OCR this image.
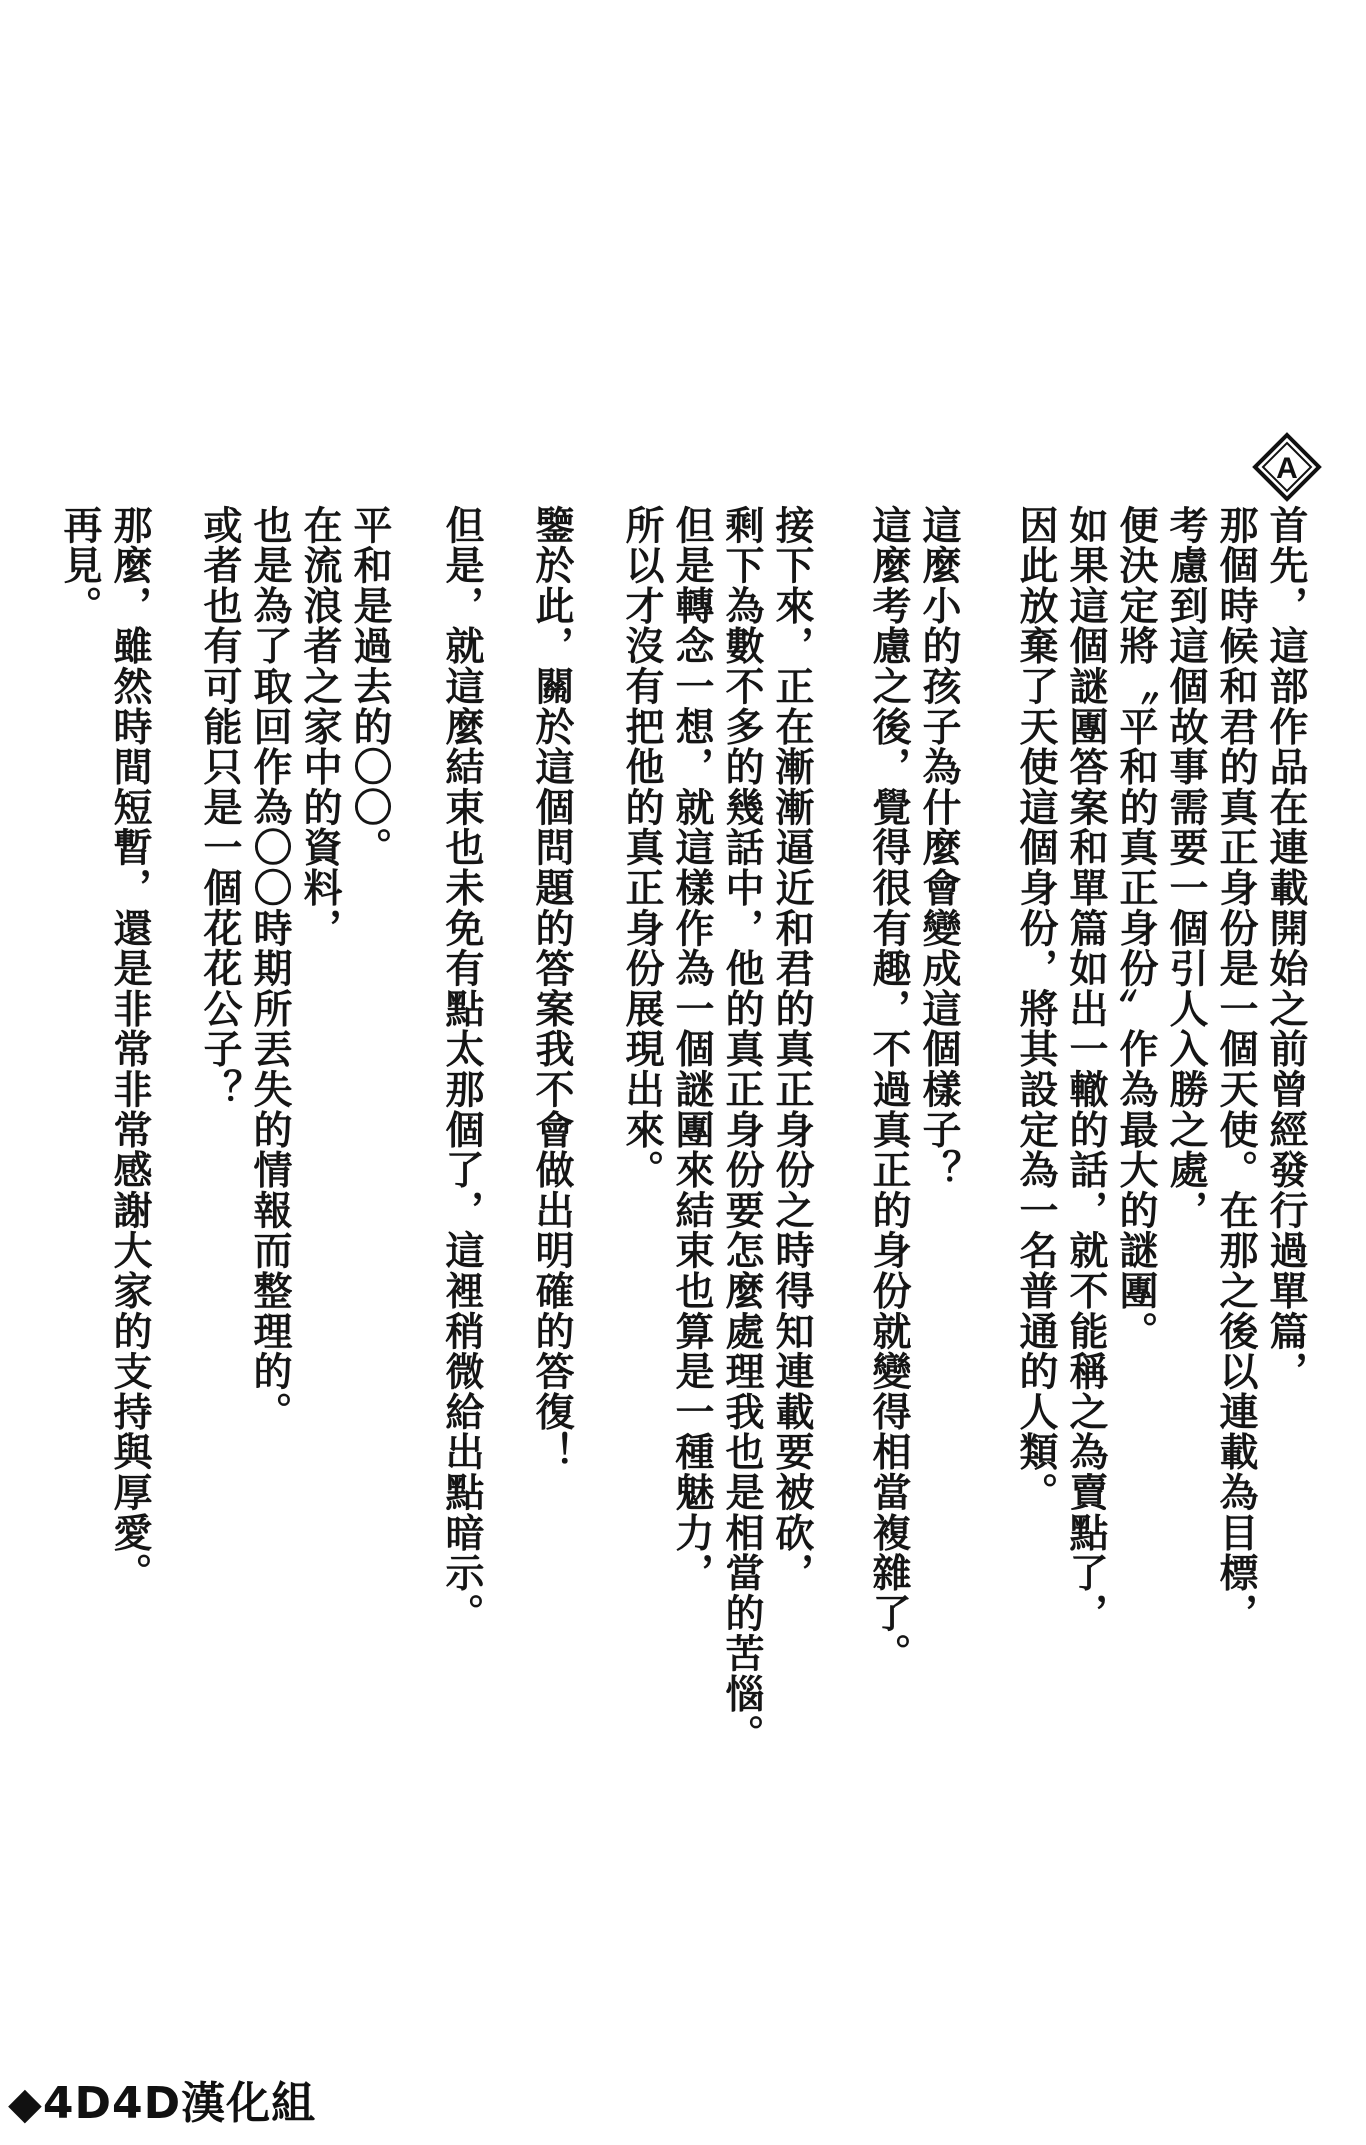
A
首先，這部作品在連載開始之前曾經發行過單篇，
那個時候和君的真正身份是一個天使。在那之後以連載為目標，
考慮到這個故事需要一個引人入勝之處，
便決定將〝平和的真正身份〞作為最大的謎團。
如果這個謎團答案和單篇如出一轍的話，就不能稱之為賣點了，
因此放棄了天使這個身份，將其設定為一名普通的人類。
這麼小的孩子為什麼會變成這個樣子？
這麼考慮之後，覺得很有趣，不過真正的身份就變得相當複雜了。
接下來，正在漸漸逼近和君的真正身份之時得知連載要被砍，
剩下為數不多的幾話中，他的真正身份要怎麼處理我也是相當的苦惱。
但是轉念一想，就這樣作為一個謎團來結束也算是一種魅力，
所以才沒有把他的真正身份展現出來。
鑒於此，關於這個問題的答案我不會做出明確的答復！
但是，就這麼結束也未免有點太那個了，這裡稍微給出點暗示。
平和是過去的〇〇。
在流浪者之家中的資料，
也是為了取回作為〇〇時期所丟失的情報而整理的。
或者也有可能只是一個花花公子？
那麼，雖然時間短暫，還是非常非常感謝大家的支持與厚愛。
再見。
◆4D4D漢化組
